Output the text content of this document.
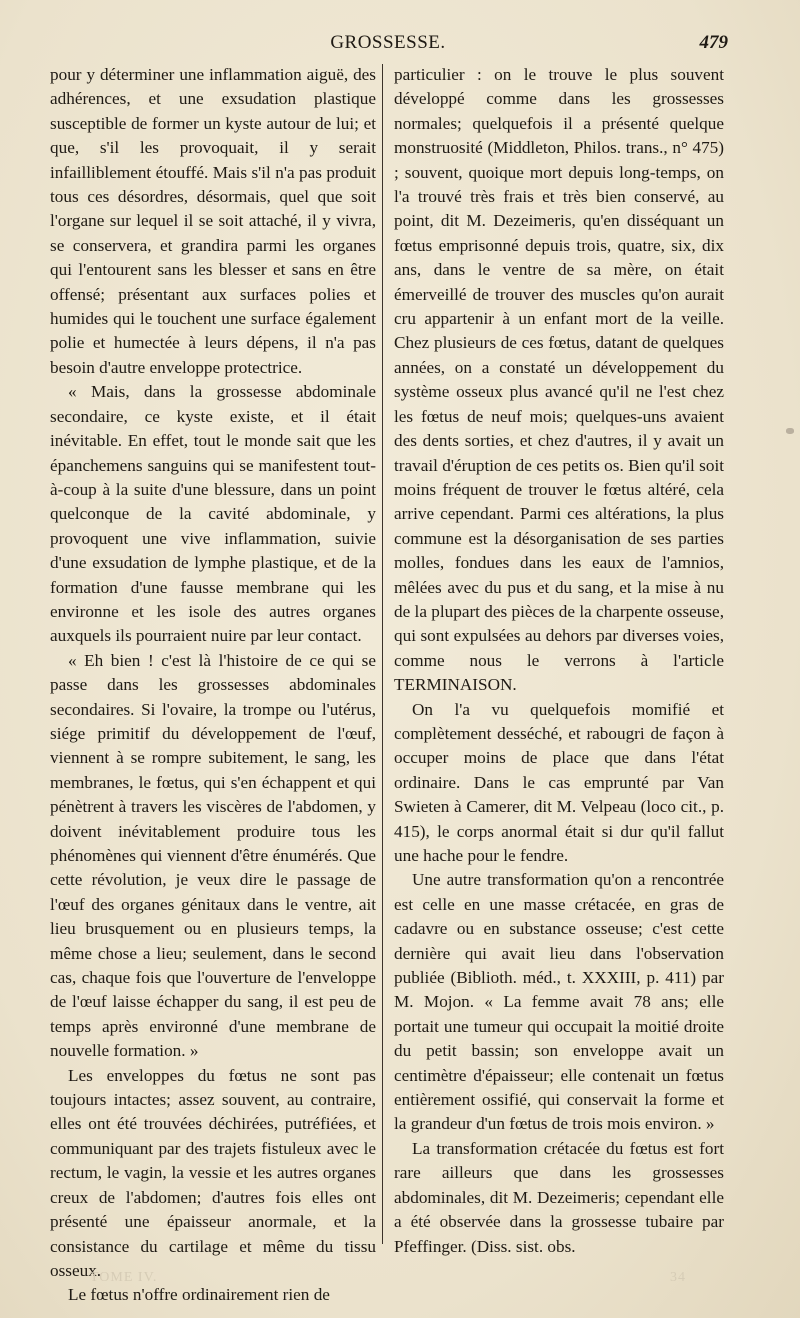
GROSSESSE.	479

pour y déterminer une inflammation aiguë, des adhérences, et une exsudation plastique susceptible de former un kyste autour de lui; et que, s'il les provoquait, il y serait infailliblement étouffé. Mais s'il n'a pas produit tous ces désordres, désormais, quel que soit l'organe sur lequel il se soit attaché, il y vivra, se conservera, et grandira parmi les organes qui l'entourent sans les blesser et sans en être offensé; présentant aux surfaces polies et humides qui le touchent une surface également polie et humectée à leurs dépens, il n'a pas besoin d'autre enveloppe protectrice.

« Mais, dans la grossesse abdominale secondaire, ce kyste existe, et il était inévitable. En effet, tout le monde sait que les épanchemens sanguins qui se manifestent tout-à-coup à la suite d'une blessure, dans un point quelconque de la cavité abdominale, y provoquent une vive inflammation, suivie d'une exsudation de lymphe plastique, et de la formation d'une fausse membrane qui les environne et les isole des autres organes auxquels ils pourraient nuire par leur contact.

« Eh bien ! c'est là l'histoire de ce qui se passe dans les grossesses abdominales secondaires. Si l'ovaire, la trompe ou l'utérus, siége primitif du développement de l'œuf, viennent à se rompre subitement, le sang, les membranes, le fœtus, qui s'en échappent et qui pénètrent à travers les viscères de l'abdomen, y doivent inévitablement produire tous les phénomènes qui viennent d'être énumérés. Que cette révolution, je veux dire le passage de l'œuf des organes génitaux dans le ventre, ait lieu brusquement ou en plusieurs temps, la même chose a lieu; seulement, dans le second cas, chaque fois que l'ouverture de l'enveloppe de l'œuf laisse échapper du sang, il est peu de temps après environné d'une membrane de nouvelle formation. »

Les enveloppes du fœtus ne sont pas toujours intactes; assez souvent, au contraire, elles ont été trouvées déchirées, putréfiées, et communiquant par des trajets fistuleux avec le rectum, le vagin, la vessie et les autres organes creux de l'abdomen; d'autres fois elles ont présenté une épaisseur anormale, et la consistance du cartilage et même du tissu osseux.

Le fœtus n'offre ordinairement rien de

particulier : on le trouve le plus souvent développé comme dans les grossesses normales; quelquefois il a présenté quelque monstruosité (Middleton, Philos. trans., n° 475) ; souvent, quoique mort depuis long-temps, on l'a trouvé très frais et très bien conservé, au point, dit M. Dezeimeris, qu'en disséquant un fœtus emprisonné depuis trois, quatre, six, dix ans, dans le ventre de sa mère, on était émerveillé de trouver des muscles qu'on aurait cru appartenir à un enfant mort de la veille. Chez plusieurs de ces fœtus, datant de quelques années, on a constaté un développement du système osseux plus avancé qu'il ne l'est chez les fœtus de neuf mois; quelques-uns avaient des dents sorties, et chez d'autres, il y avait un travail d'éruption de ces petits os. Bien qu'il soit moins fréquent de trouver le fœtus altéré, cela arrive cependant. Parmi ces altérations, la plus commune est la désorganisation de ses parties molles, fondues dans les eaux de l'amnios, mêlées avec du pus et du sang, et la mise à nu de la plupart des pièces de la charpente osseuse, qui sont expulsées au dehors par diverses voies, comme nous le verrons à l'article TERMINAISON.

On l'a vu quelquefois momifié et complètement desséché, et rabougri de façon à occuper moins de place que dans l'état ordinaire. Dans le cas emprunté par Van Swieten à Camerer, dit M. Velpeau (loco cit., p. 415), le corps anormal était si dur qu'il fallut une hache pour le fendre.

Une autre transformation qu'on a rencontrée est celle en une masse crétacée, en gras de cadavre ou en substance osseuse; c'est cette dernière qui avait lieu dans l'observation publiée (Biblioth. méd., t. XXXIII, p. 411) par M. Mojon. « La femme avait 78 ans; elle portait une tumeur qui occupait la moitié droite du petit bassin; son enveloppe avait un centimètre d'épaisseur; elle contenait un fœtus entièrement ossifié, qui conservait la forme et la grandeur d'un fœtus de trois mois environ. »

La transformation crétacée du fœtus est fort rare ailleurs que dans les grossesses abdominales, dit M. Dezeimeris; cependant elle a été observée dans la grossesse tubaire par Pfeffinger. (Diss. sist. obs.

TOME IV.	34
